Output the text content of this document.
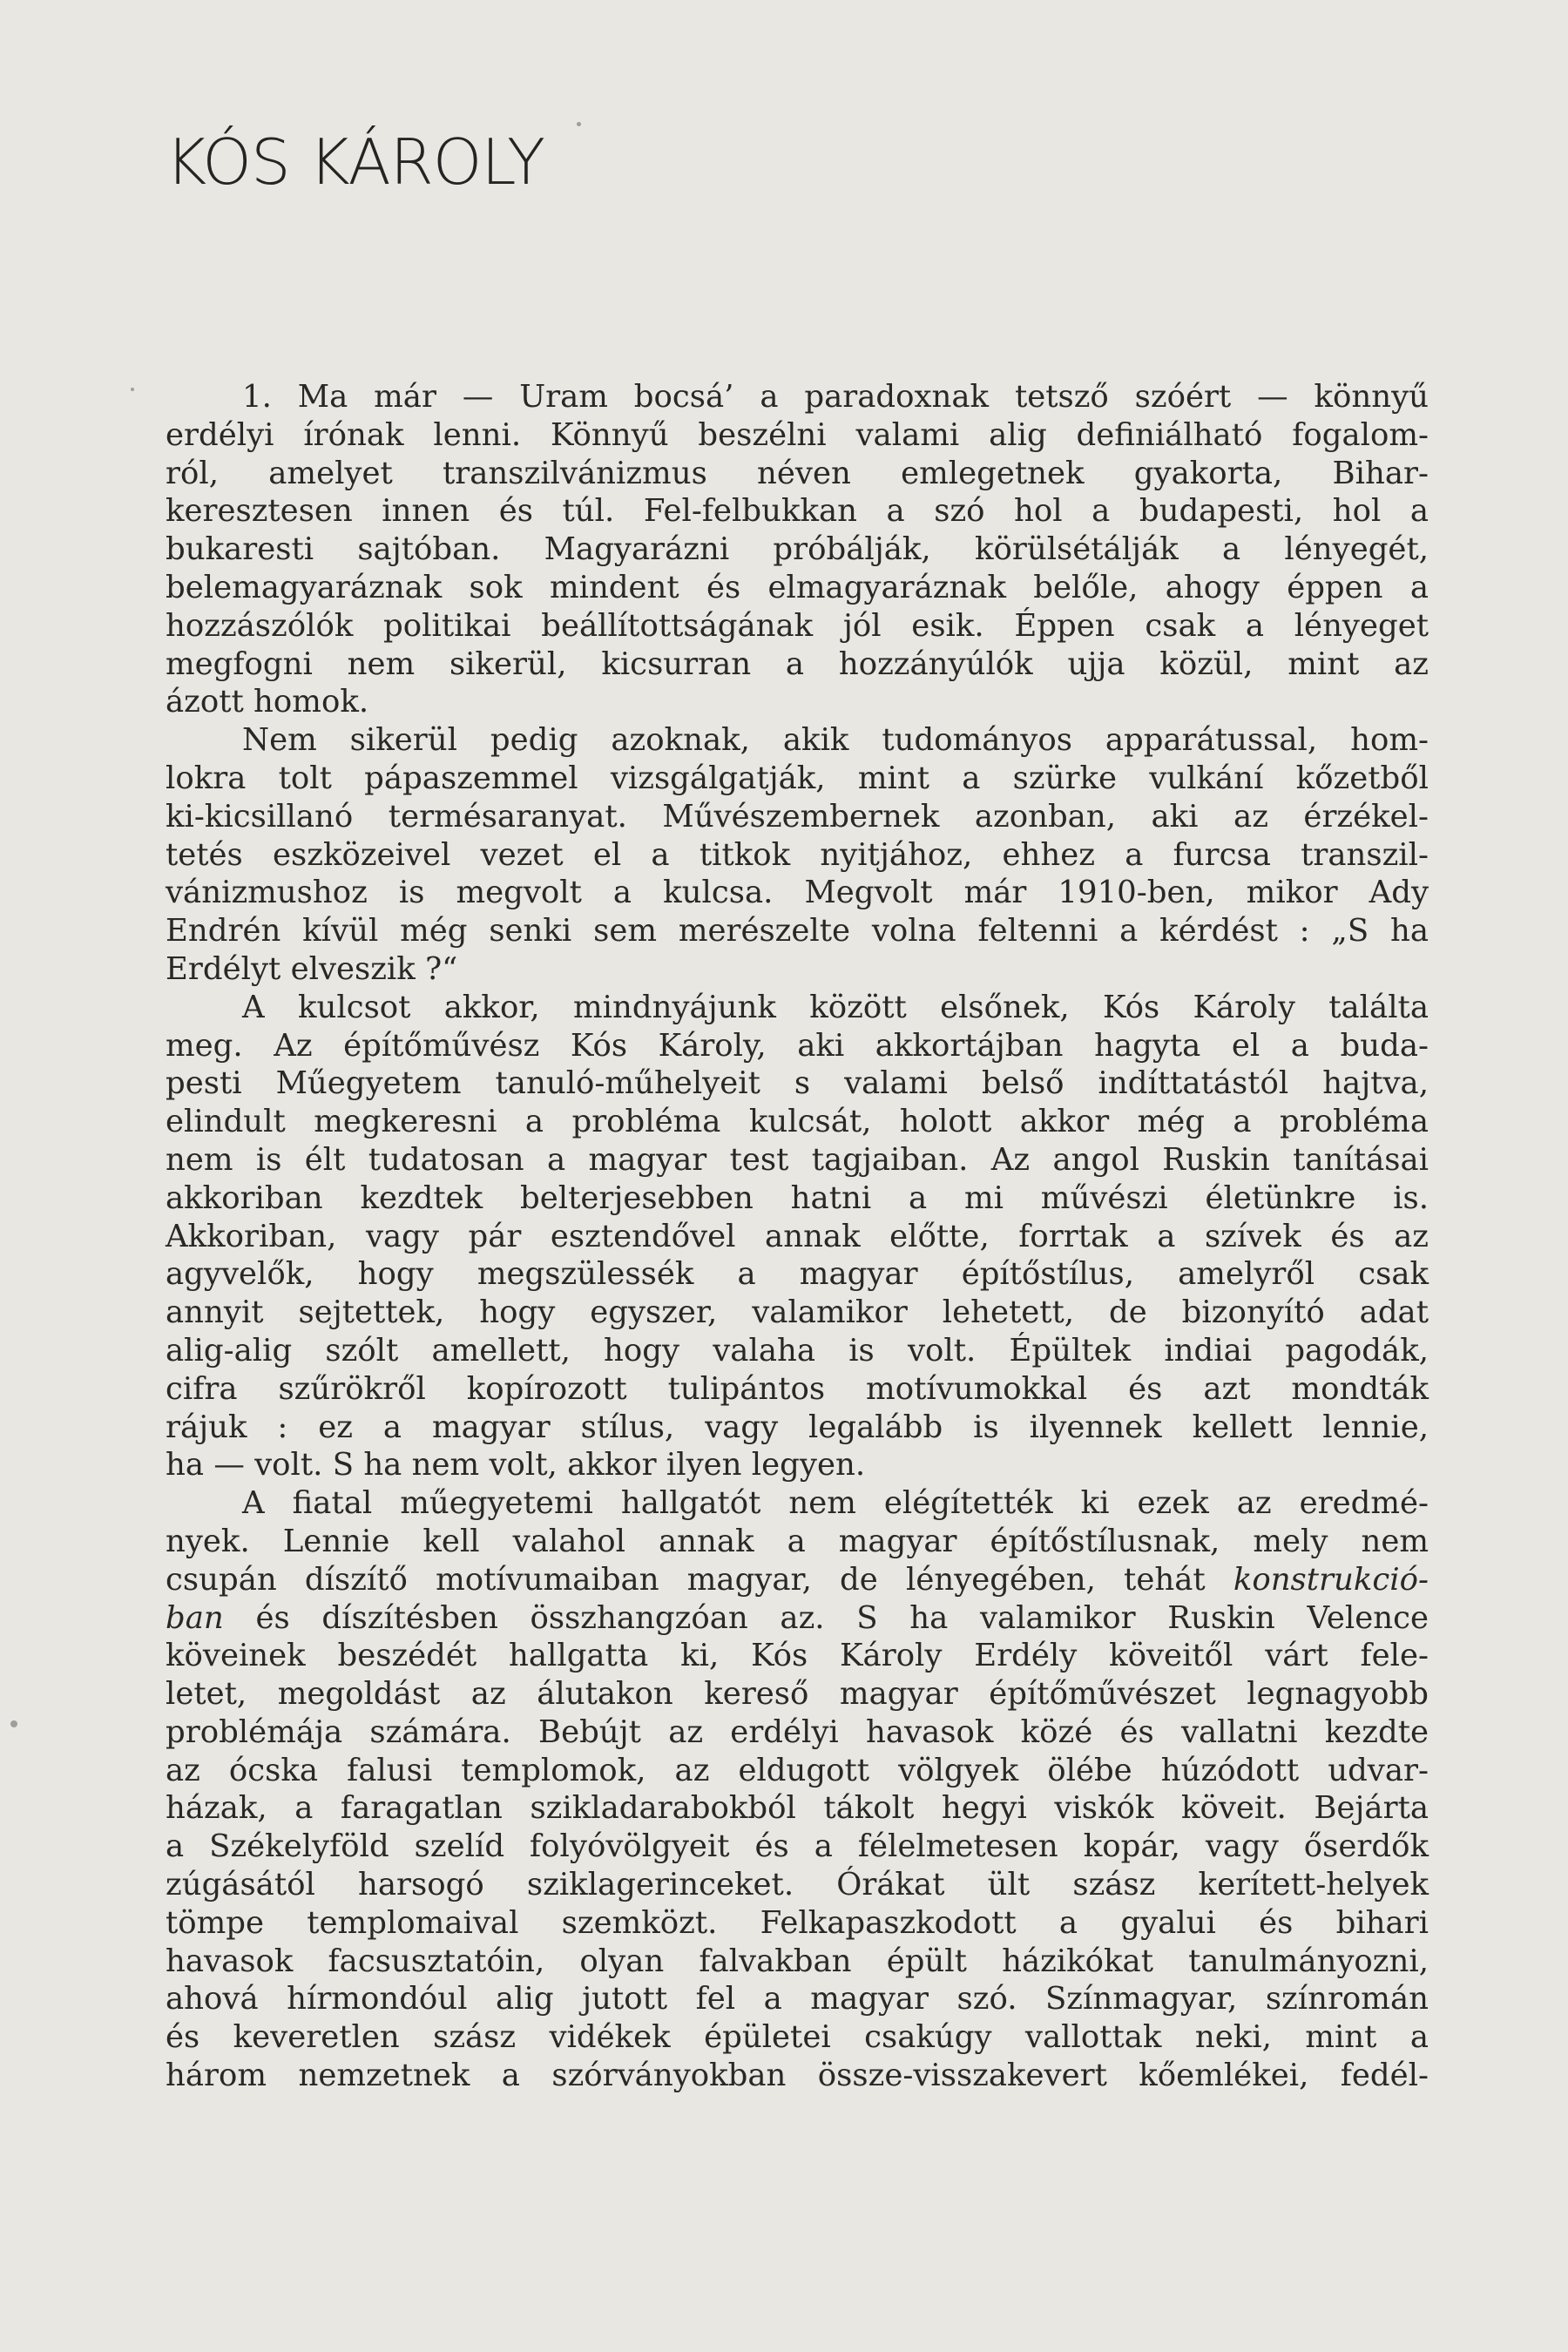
KÓS KÁROLY
1. Ma már — Uram bocsá’ a paradoxnak tetsző szóért — könnyű
erdélyi írónak lenni. Könnyű beszélni valami alig definiálható fogalom-
ról, amelyet transzilvánizmus néven emlegetnek gyakorta, Bihar-
keresztesen innen és túl. Fel-felbukkan a szó hol a budapesti, hol a
bukaresti sajtóban. Magyarázni próbálják, körülsétálják a lényegét,
belemagyaráznak sok mindent és elmagyaráznak belőle, ahogy éppen a
hozzászólók politikai beállítottságának jól esik. Éppen csak a lényeget
megfogni nem sikerül, kicsurran a hozzányúlók ujja közül, mint az
ázott homok.
Nem sikerül pedig azoknak, akik tudományos apparátussal, hom-
lokra tolt pápaszemmel vizsgálgatják, mint a szürke vulkání kőzetből
ki-kicsillanó termésaranyat. Művészembernek azonban, aki az érzékel-
tetés eszközeivel vezet el a titkok nyitjához, ehhez a furcsa transzil-
vánizmushoz is megvolt a kulcsa. Megvolt már 1910-ben, mikor Ady
Endrén kívül még senki sem merészelte volna feltenni a kérdést : „S ha
Erdélyt elveszik ?“
A kulcsot akkor, mindnyájunk között elsőnek, Kós Károly találta
meg. Az építőművész Kós Károly, aki akkortájban hagyta el a buda-
pesti Műegyetem tanuló-műhelyeit s valami belső indíttatástól hajtva,
elindult megkeresni a probléma kulcsát, holott akkor még a probléma
nem is élt tudatosan a magyar test tagjaiban. Az angol Ruskin tanításai
akkoriban kezdtek belterjesebben hatni a mi művészi életünkre is.
Akkoriban, vagy pár esztendővel annak előtte, forrtak a szívek és az
agyvelők, hogy megszülessék a magyar építőstílus, amelyről csak
annyit sejtettek, hogy egyszer, valamikor lehetett, de bizonyító adat
alig-alig szólt amellett, hogy valaha is volt. Épültek indiai pagodák,
cifra szűrökről kopírozott tulipántos motívumokkal és azt mondták
rájuk : ez a magyar stílus, vagy legalább is ilyennek kellett lennie,
ha — volt. S ha nem volt, akkor ilyen legyen.
A fiatal műegyetemi hallgatót nem elégítették ki ezek az eredmé-
nyek. Lennie kell valahol annak a magyar építőstílusnak, mely nem
csupán díszítő motívumaiban magyar, de lényegében, tehát konstrukció-
ban és díszítésben összhangzóan az. S ha valamikor Ruskin Velence
köveinek beszédét hallgatta ki, Kós Károly Erdély köveitől várt fele-
letet, megoldást az álutakon kereső magyar építőművészet legnagyobb
problémája számára. Bebújt az erdélyi havasok közé és vallatni kezdte
az ócska falusi templomok, az eldugott völgyek ölébe húzódott udvar-
házak, a faragatlan szikladarabokból tákolt hegyi viskók köveit. Bejárta
a Székelyföld szelíd folyóvölgyeit és a félelmetesen kopár, vagy őserdők
zúgásától harsogó sziklagerinceket. Órákat ült szász kerített-helyek
tömpe templomaival szemközt. Felkapaszkodott a gyalui és bihari
havasok facsusztatóin, olyan falvakban épült házikókat tanulmányozni,
ahová hírmondóul alig jutott fel a magyar szó. Színmagyar, színromán
és keveretlen szász vidékek épületei csakúgy vallottak neki, mint a
három nemzetnek a szórványokban össze-visszakevert kőemlékei, fedél-
